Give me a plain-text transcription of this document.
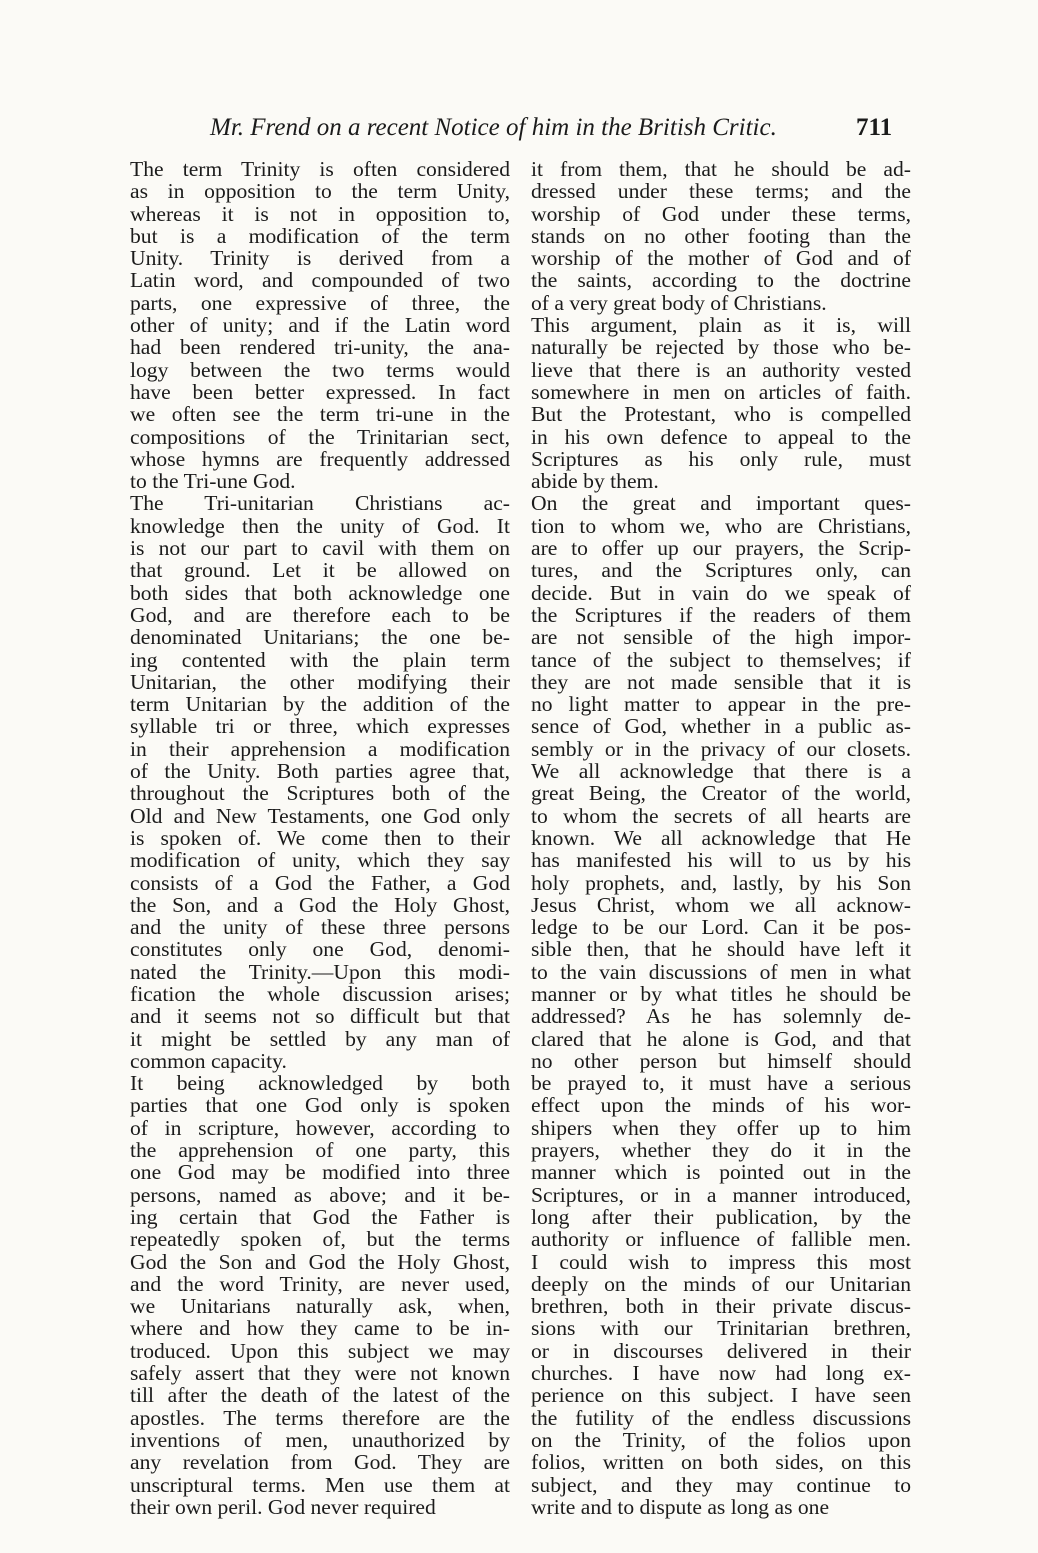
Mr. Frend on a recent Notice of him in the British Critic.	711
The term Trinity is often considered
as in opposition to the term Unity,
whereas it is not in opposition to,
but is a modification of the term
Unity. Trinity is derived from a
Latin word, and compounded of two
parts, one expressive of three, the
other of unity; and if the Latin word
had been rendered tri-unity, the ana-
logy between the two terms would
have been better expressed. In fact
we often see the term tri-une in the
compositions of the Trinitarian sect,
whose hymns are frequently addressed
to the Tri-une God.
The Tri-unitarian Christians ac-
knowledge then the unity of God. It
is not our part to cavil with them on
that ground. Let it be allowed on
both sides that both acknowledge one
God, and are therefore each to be
denominated Unitarians; the one be-
ing contented with the plain term
Unitarian, the other modifying their
term Unitarian by the addition of the
syllable tri or three, which expresses
in their apprehension a modification
of the Unity. Both parties agree that,
throughout the Scriptures both of the
Old and New Testaments, one God only
is spoken of. We come then to their
modification of unity, which they say
consists of a God the Father, a God
the Son, and a God the Holy Ghost,
and the unity of these three persons
constitutes only one God, denomi-
nated the Trinity.—Upon this modi-
fication the whole discussion arises;
and it seems not so difficult but that
it might be settled by any man of
common capacity.
It being acknowledged by both
parties that one God only is spoken
of in scripture, however, according to
the apprehension of one party, this
one God may be modified into three
persons, named as above; and it be-
ing certain that God the Father is
repeatedly spoken of, but the terms
God the Son and God the Holy Ghost,
and the word Trinity, are never used,
we Unitarians naturally ask, when,
where and how they came to be in-
troduced. Upon this subject we may
safely assert that they were not known
till after the death of the latest of the
apostles. The terms therefore are the
inventions of men, unauthorized by
any revelation from God. They are
unscriptural terms. Men use them at
their own peril. God never required
it from them, that he should be ad-
dressed under these terms; and the
worship of God under these terms,
stands on no other footing than the
worship of the mother of God and of
the saints, according to the doctrine
of a very great body of Christians.
This argument, plain as it is, will
naturally be rejected by those who be-
lieve that there is an authority vested
somewhere in men on articles of faith.
But the Protestant, who is compelled
in his own defence to appeal to the
Scriptures as his only rule, must
abide by them.
On the great and important ques-
tion to whom we, who are Christians,
are to offer up our prayers, the Scrip-
tures, and the Scriptures only, can
decide. But in vain do we speak of
the Scriptures if the readers of them
are not sensible of the high impor-
tance of the subject to themselves; if
they are not made sensible that it is
no light matter to appear in the pre-
sence of God, whether in a public as-
sembly or in the privacy of our closets.
We all acknowledge that there is a
great Being, the Creator of the world,
to whom the secrets of all hearts are
known. We all acknowledge that He
has manifested his will to us by his
holy prophets, and, lastly, by his Son
Jesus Christ, whom we all acknow-
ledge to be our Lord. Can it be pos-
sible then, that he should have left it
to the vain discussions of men in what
manner or by what titles he should be
addressed? As he has solemnly de-
clared that he alone is God, and that
no other person but himself should
be prayed to, it must have a serious
effect upon the minds of his wor-
shipers when they offer up to him
prayers, whether they do it in the
manner which is pointed out in the
Scriptures, or in a manner introduced,
long after their publication, by the
authority or influence of fallible men.
I could wish to impress this most
deeply on the minds of our Unitarian
brethren, both in their private discus-
sions with our Trinitarian brethren,
or in discourses delivered in their
churches. I have now had long ex-
perience on this subject. I have seen
the futility of the endless discussions
on the Trinity, of the folios upon
folios, written on both sides, on this
subject, and they may continue to
write and to dispute as long as one
